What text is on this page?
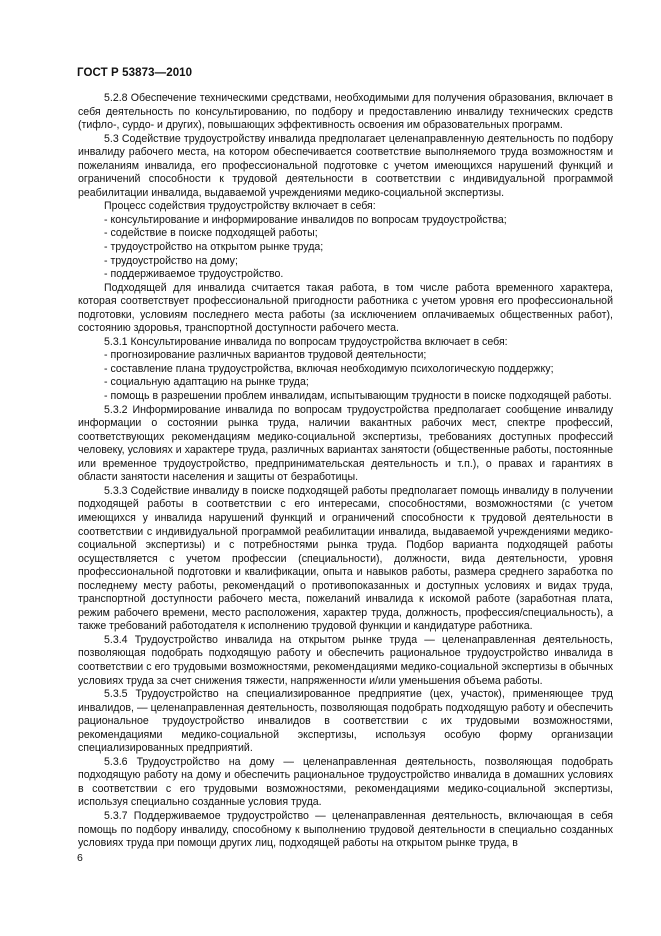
ГОСТ Р 53873—2010

5.2.8 Обеспечение техническими средствами, необходимыми для получения образования, включает в себя деятельность по консультированию, по подбору и предоставлению инвалиду технических средств (тифло-, сурдо- и других), повышающих эффективность освоения им образовательных программ.

5.3 Содействие трудоустройству инвалида предполагает целенаправленную деятельность по подбору инвалиду рабочего места, на котором обеспечивается соответствие выполняемого труда возможностям и пожеланиям инвалида, его профессиональной подготовке с учетом имеющихся нарушений функций и ограничений способности к трудовой деятельности в соответствии с индивидуальной программой реабилитации инвалида, выдаваемой учреждениями медико-социальной экспертизы.

Процесс содействия трудоустройству включает в себя:

- консультирование и информирование инвалидов по вопросам трудоустройства;

- содействие в поиске подходящей работы;

- трудоустройство на открытом рынке труда;

- трудоустройство на дому;

- поддерживаемое трудоустройство.

Подходящей для инвалида считается такая работа, в том числе работа временного характера, которая соответствует профессиональной пригодности работника с учетом уровня его профессиональной подготовки, условиям последнего места работы (за исключением оплачиваемых общественных работ), состоянию здоровья, транспортной доступности рабочего места.

5.3.1 Консультирование инвалида по вопросам трудоустройства включает в себя:

- прогнозирование различных вариантов трудовой деятельности;

- составление плана трудоустройства, включая необходимую психологическую поддержку;

- социальную адаптацию на рынке труда;

- помощь в разрешении проблем инвалидам, испытывающим трудности в поиске подходящей работы.

5.3.2 Информирование инвалида по вопросам трудоустройства предполагает сообщение инвалиду информации о состоянии рынка труда, наличии вакантных рабочих мест, спектре профессий, соответствующих рекомендациям медико-социальной экспертизы, требованиях доступных профессий человеку, условиях и характере труда, различных вариантах занятости (общественные работы, постоянные или временное трудоустройство, предпринимательская деятельность и т.п.), о правах и гарантиях в области занятости населения и защиты от безработицы.

5.3.3 Содействие инвалиду в поиске подходящей работы предполагает помощь инвалиду в получении подходящей работы в соответствии с его интересами, способностями, возможностями (с учетом имеющихся у инвалида нарушений функций и ограничений способности к трудовой деятельности в соответствии с индивидуальной программой реабилитации инвалида, выдаваемой учреждениями медико-социальной экспертизы) и с потребностями рынка труда. Подбор варианта подходящей работы осуществляется с учетом профессии (специальности), должности, вида деятельности, уровня профессиональной подготовки и квалификации, опыта и навыков работы, размера среднего заработка по последнему месту работы, рекомендаций о противопоказанных и доступных условиях и видах труда, транспортной доступности рабочего места, пожеланий инвалида к искомой работе (заработная плата, режим рабочего времени, место расположения, характер труда, должность, профессия/специальность), а также требований работодателя к исполнению трудовой функции и кандидатуре работника.

5.3.4 Трудоустройство инвалида на открытом рынке труда — целенаправленная деятельность, позволяющая подобрать подходящую работу и обеспечить рациональное трудоустройство инвалида в соответствии с его трудовыми возможностями, рекомендациями медико-социальной экспертизы в обычных условиях труда за счет снижения тяжести, напряженности и/или уменьшения объема работы.

5.3.5 Трудоустройство на специализированное предприятие (цех, участок), применяющее труд инвалидов, — целенаправленная деятельность, позволяющая подобрать подходящую работу и обеспечить рациональное трудоустройство инвалидов в соответствии с их трудовыми возможностями, рекомендациями медико-социальной экспертизы, используя особую форму организации специализированных предприятий.

5.3.6 Трудоустройство на дому — целенаправленная деятельность, позволяющая подобрать подходящую работу на дому и обеспечить рациональное трудоустройство инвалида в домашних условиях в соответствии с его трудовыми возможностями, рекомендациями медико-социальной экспертизы, используя специально созданные условия труда.

5.3.7 Поддерживаемое трудоустройство — целенаправленная деятельность, включающая в себя помощь по подбору инвалиду, способному к выполнению трудовой деятельности в специально созданных условиях труда при помощи других лиц, подходящей работы на открытом рынке труда, в

6
